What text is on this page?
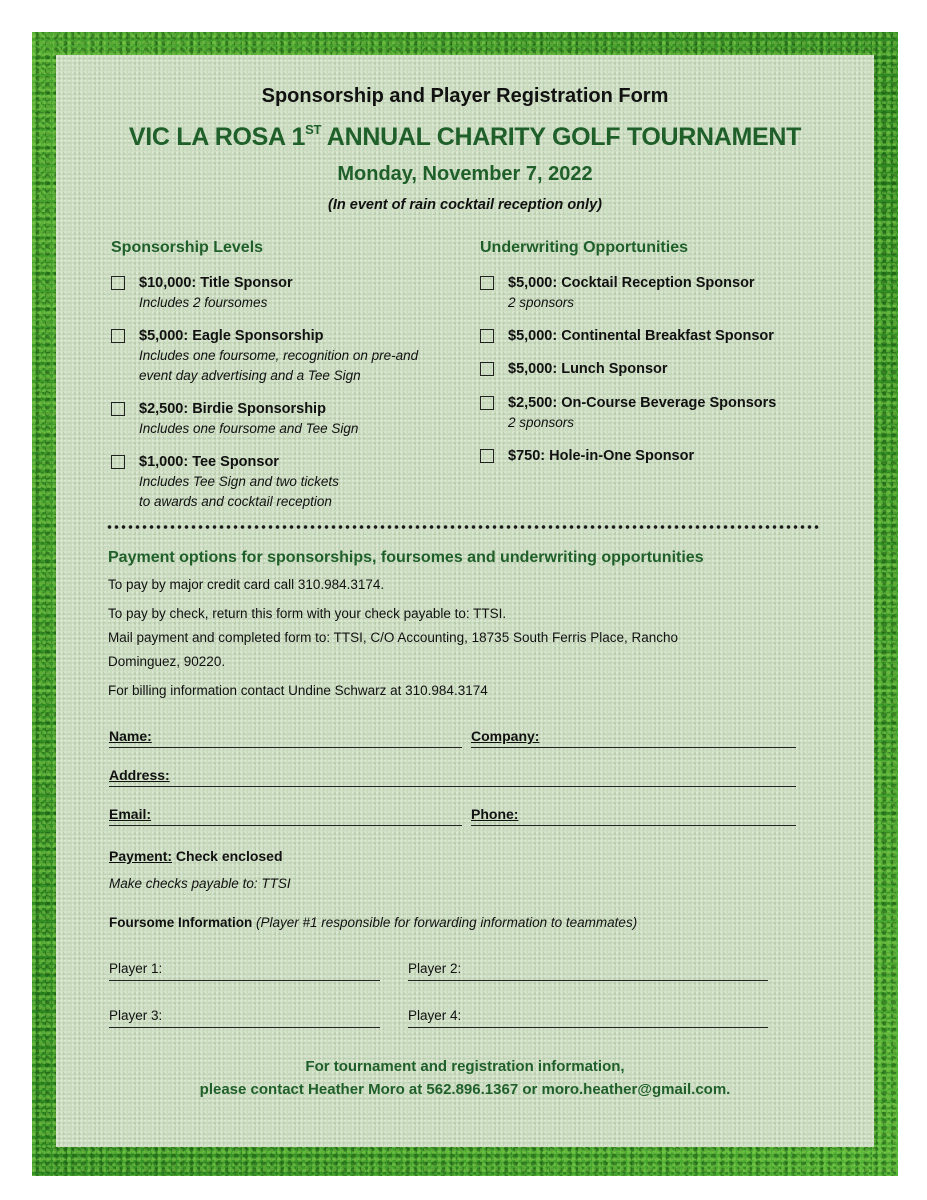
Sponsorship and Player Registration Form
VIC LA ROSA 1ST ANNUAL CHARITY GOLF TOURNAMENT
Monday, November 7, 2022
(In event of rain cocktail reception only)
Sponsorship Levels
$10,000: Title Sponsor
Includes 2 foursomes
$5,000: Eagle Sponsorship
Includes one foursome, recognition on pre-and
event day advertising and a Tee Sign
$2,500: Birdie Sponsorship
Includes one foursome and Tee Sign
$1,000: Tee Sponsor
Includes Tee Sign and two tickets
to awards and cocktail reception
Underwriting Opportunities
$5,000: Cocktail Reception Sponsor
2 sponsors
$5,000: Continental Breakfast Sponsor
$5,000: Lunch Sponsor
$2,500: On-Course Beverage Sponsors
2 sponsors
$750: Hole-in-One Sponsor
Payment options for sponsorships, foursomes and underwriting opportunities
To pay by major credit card call 310.984.3174.
To pay by check, return this form with your check payable to: TTSI.
Mail payment and completed form to: TTSI, C/O Accounting, 18735 South Ferris Place, Rancho
Dominguez, 90220.
For billing information contact Undine Schwarz at 310.984.3174
Name:	Company:
Address:
Email:	Phone:
Payment: Check enclosed
Make checks payable to: TTSI
Foursome Information (Player #1 responsible for forwarding information to teammates)
Player 1:	Player 2:
Player 3:	Player 4:
For tournament and registration information,
please contact Heather Moro at 562.896.1367 or moro.heather@gmail.com.
